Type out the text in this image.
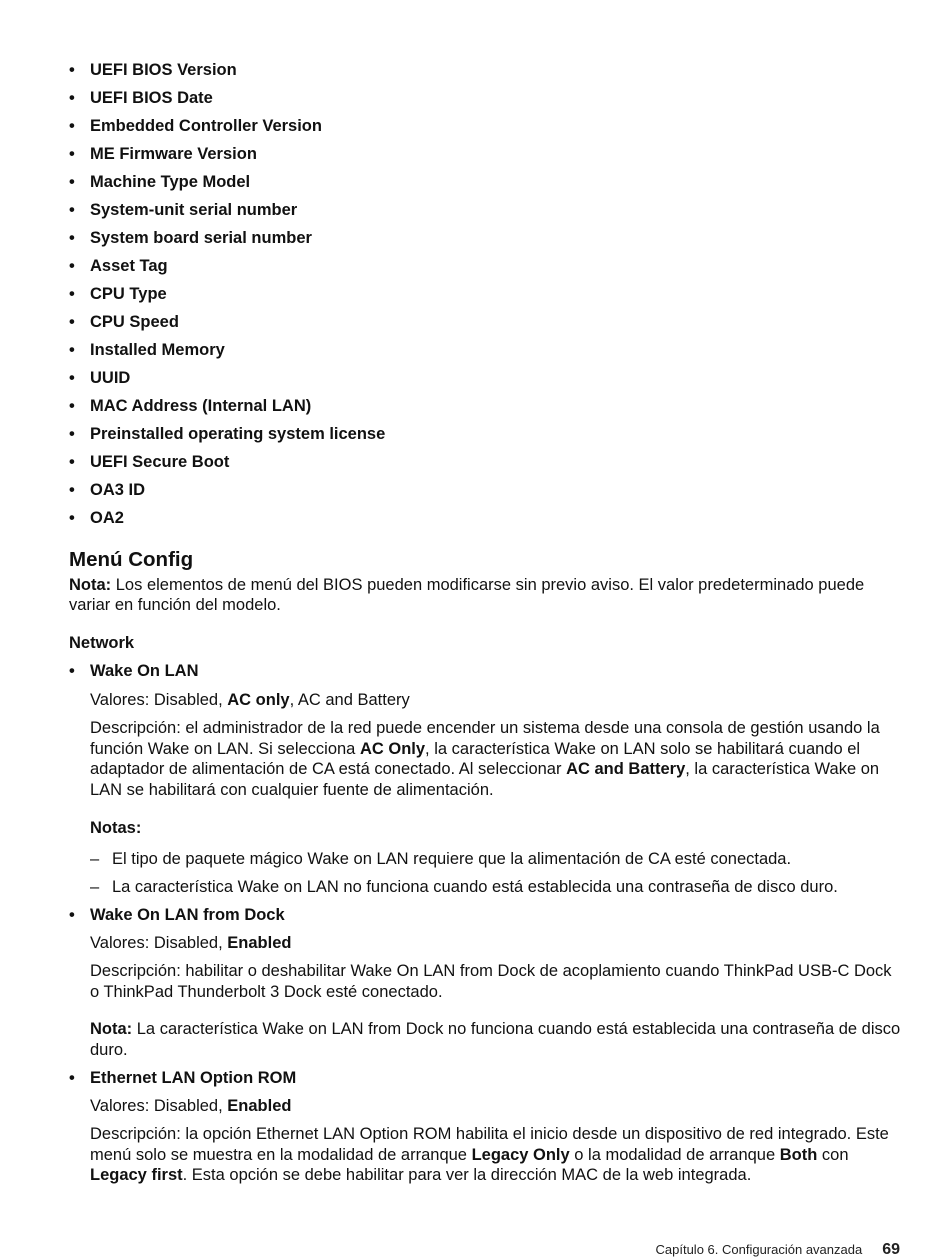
• UEFI BIOS Version
• UEFI BIOS Date
• Embedded Controller Version
• ME Firmware Version
• Machine Type Model
• System-unit serial number
• System board serial number
• Asset Tag
• CPU Type
• CPU Speed
• Installed Memory
• UUID
• MAC Address (Internal LAN)
• Preinstalled operating system license
• UEFI Secure Boot
• OA3 ID
• OA2
Menú Config
Nota: Los elementos de menú del BIOS pueden modificarse sin previo aviso. El valor predeterminado puede variar en función del modelo.
Network
• Wake On LAN
Valores: Disabled, AC only, AC and Battery
Descripción: el administrador de la red puede encender un sistema desde una consola de gestión usando la función Wake on LAN. Si selecciona AC Only, la característica Wake on LAN solo se habilitará cuando el adaptador de alimentación de CA está conectado. Al seleccionar AC and Battery, la característica Wake on LAN se habilitará con cualquier fuente de alimentación.
Notas:
– El tipo de paquete mágico Wake on LAN requiere que la alimentación de CA esté conectada.
– La característica Wake on LAN no funciona cuando está establecida una contraseña de disco duro.
• Wake On LAN from Dock
Valores: Disabled, Enabled
Descripción: habilitar o deshabilitar Wake On LAN from Dock de acoplamiento cuando ThinkPad USB-C Dock o ThinkPad Thunderbolt 3 Dock esté conectado.
Nota: La característica Wake on LAN from Dock no funciona cuando está establecida una contraseña de disco duro.
• Ethernet LAN Option ROM
Valores: Disabled, Enabled
Descripción: la opción Ethernet LAN Option ROM habilita el inicio desde un dispositivo de red integrado. Este menú solo se muestra en la modalidad de arranque Legacy Only o la modalidad de arranque Both con Legacy first. Esta opción se debe habilitar para ver la dirección MAC de la web integrada.
Capítulo 6. Configuración avanzada 69
